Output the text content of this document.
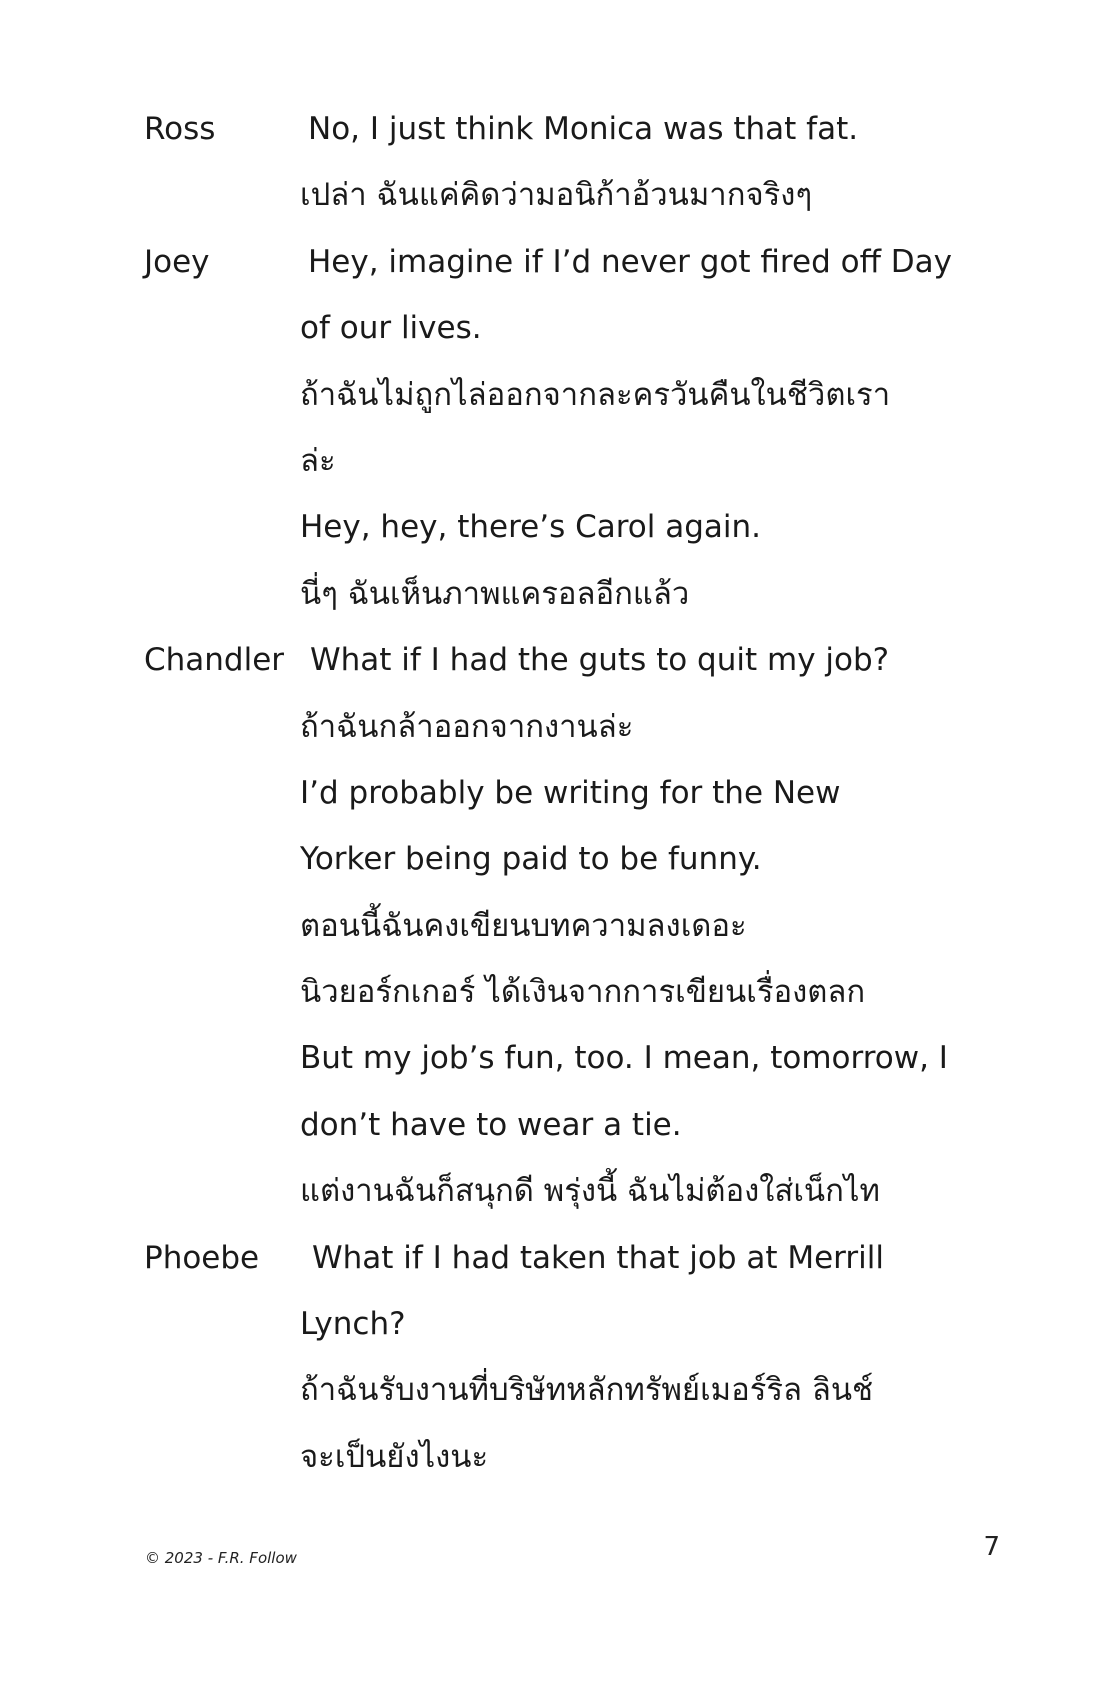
Ross	No, I just think Monica was that fat.
เปล่า ฉันแค่คิดว่ามอนิก้าอ้วนมากจริงๆ
Joey	Hey, imagine if I’d never got fired off Day
of our lives.
ถ้าฉันไม่ถูกไล่ออกจากละครวันคืนในชีวิตเรา
ล่ะ
Hey, hey, there’s Carol again.
นี่ๆ ฉันเห็นภาพแครอลอีกแล้ว
Chandler What if I had the guts to quit my job?
ถ้าฉันกล้าออกจากงานล่ะ
I’d probably be writing for the New
Yorker being paid to be funny.
ตอนนี้ฉันคงเขียนบทความลงเดอะ
นิวยอร์กเกอร์ ได้เงินจากการเขียนเรื่องตลก
But my job’s fun, too. I mean, tomorrow, I
don’t have to wear a tie.
แต่งานฉันก็สนุกดี พรุ่งนี้ ฉันไม่ต้องใส่เน็กไท
Phoebe What if I had taken that job at Merrill
Lynch?
ถ้าฉันรับงานที่บริษัทหลักทรัพย์เมอร์ริล ลินช์
จะเป็นยังไงนะ
© 2023 - F.R. Follow	7
